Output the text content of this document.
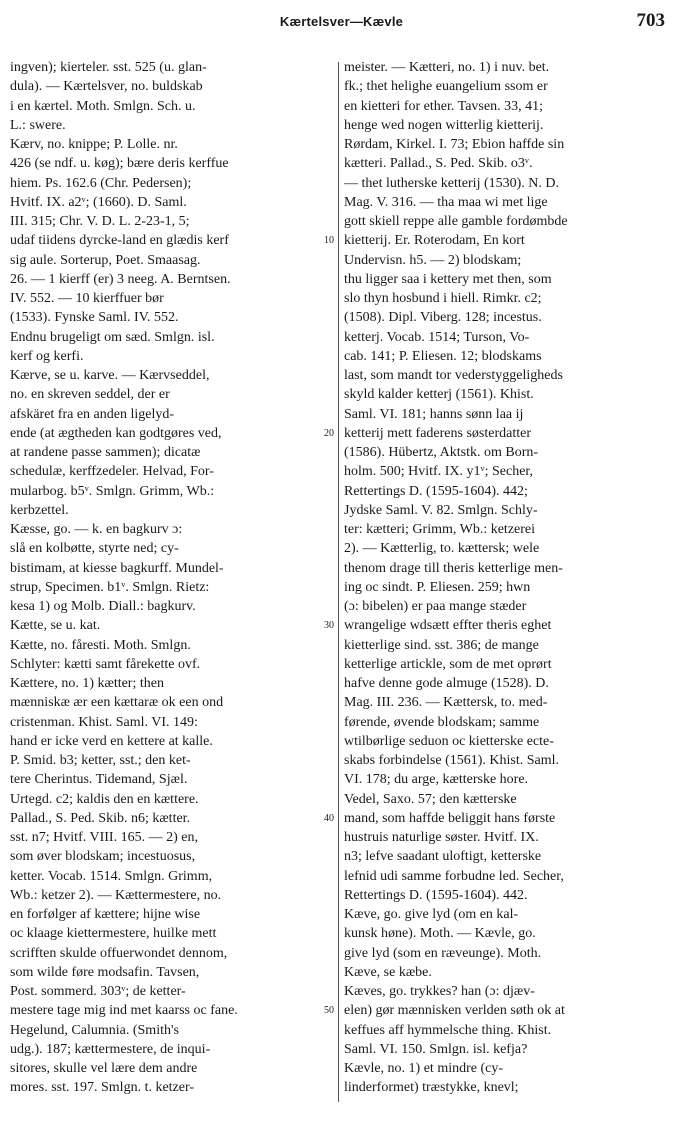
Kærtelsver—Kævle	703
ingven); kierteler. sst. 525 (u. glan-
dula). — Kærtelsver, no. buldskab
i en kærtel. Moth. Smlgn. Sch. u.
L.: swere.
Kærv, no. knippe; P. Lolle. nr.
426 (se ndf. u. køg); bære deris kerffue
hiem. Ps. 162.6 (Chr. Pedersen);
Hvitf. IX. a2ᵛ; (1660). D. Saml.
III. 315; Chr. V. D. L. 2-23-1, 5;
udaf tiidens dyrcke-land en glædis kerf
sig aule. Sorterup, Poet. Smaasag.
26. — 1 kierff (er) 3 neeg. A. Berntsen.
IV. 552. — 10 kierffuer bør
(1533). Fynske Saml. IV. 552.
Endnu brugeligt om sæd. Smlgn. isl.
kerf og kerfi.
Kærve, se u. karve. — Kærvseddel,
no. en skreven seddel, der er
afskäret fra en anden ligelyd-
ende (at ægtheden kan godtgøres ved,
at randene passe sammen); dicatæ
schedulæ, kerffzedeler. Helvad, For-
mularbog. b5ᵛ. Smlgn. Grimm, Wb.:
kerbzettel.
Kæsse, go. — k. en bagkurv ɔ:
slå en kolbøtte, styrte ned; cy-
bistimam, at kiesse bagkurff. Mundel-
strup, Specimen. b1ᵛ. Smlgn. Rietz:
kesa 1) og Molb. Diall.: bagkurv.
Kætte, se u. kat.
Kætte, no. fåresti. Moth. Smlgn.
Schlyter: kætti samt fårekette ovf.
Kættere, no. 1) kætter; then
mænniskæ ær een kættaræ ok een ond
cristenman. Khist. Saml. VI. 149:
hand er icke verd en kettere at kalle.
P. Smid. b3; ketter, sst.; den ket-
tere Cherintus. Tidemand, Sjæl.
Urtegd. c2; kaldis den en kættere.
Pallad., S. Ped. Skib. n6; kætter.
sst. n7; Hvitf. VIII. 165. — 2) en,
som øver blodskam; incestuosus,
ketter. Vocab. 1514. Smlgn. Grimm,
Wb.: ketzer 2). — Kættermestere, no.
en forfølger af kættere; hijne wise
oc klaage kiettermestere, huilke mett
scrifften skulde offuerwondet dennom,
som wilde føre modsafin. Tavsen,
Post. sommerd. 303ᵛ; de ketter-
mestere tage mig ind met kaarss oc fane.
Hegelund, Calumnia. (Smith's
udg.). 187; kættermestere, de inqui-
sitores, skulle vel lære dem andre
mores. sst. 197. Smlgn. t. ketzer-
10
20
30
40
50
meister. — Kætteri, no. 1) i nuv. bet.
fk.; thet helighe euangelium ssom er
en kietteri for ether. Tavsen. 33, 41;
henge wed nogen witterlig kietterij.
Rørdam, Kirkel. I. 73; Ebion haffde sin
kætteri. Pallad., S. Ped. Skib. o3ᵛ.
— thet lutherske ketterij (1530). N. D.
Mag. V. 316. — tha maa wi met lige
gott skiell reppe alle gamble fordømbde
kietterij. Er. Roterodam, En kort
Undervisn. h5. — 2) blodskam;
thu ligger saa i kettery met then, som
slo thyn hosbund i hiell. Rimkr. c2;
(1508). Dipl. Viberg. 128; incestus.
ketterj. Vocab. 1514; Turson, Vo-
cab. 141; P. Eliesen. 12; blodskams
last, som mandt tor vederstyggeligheds
skyld kalder ketterj (1561). Khist.
Saml. VI. 181; hanns sønn laa ij
ketterij mett faderens søsterdatter
(1586). Hübertz, Aktstk. om Born-
holm. 500; Hvitf. IX. y1ᵛ; Secher,
Rettertings D. (1595-1604). 442;
Jydske Saml. V. 82. Smlgn. Schly-
ter: kætteri; Grimm, Wb.: ketzerei
2). — Kætterlig, to. kættersk; wele
thenom drage till theris ketterlige men-
ing oc sindt. P. Eliesen. 259; hwn
(ɔ: bibelen) er paa mange stæder
wrangelige wdsætt effter theris eghet
kietterlige sind. sst. 386; de mange
ketterlige artickle, som de met oprørt
hafve denne gode almuge (1528). D.
Mag. III. 236. — Kættersk, to. med-
førende, øvende blodskam; samme
wtilbørlige seduon oc kietterske ecte-
skabs forbindelse (1561). Khist. Saml.
VI. 178; du arge, kætterske hore.
Vedel, Saxo. 57; den kætterske
mand, som haffde beliggit hans første
hustruis naturlige søster. Hvitf. IX.
n3; lefve saadant uloftigt, ketterske
lefnid udi samme forbudne led. Secher,
Rettertings D. (1595-1604). 442.
Kæve, go. give lyd (om en kal-
kunsk høne). Moth. — Kævle, go.
give lyd (som en ræveunge). Moth.
Kæve, se kæbe.
Kæves, go. trykkes? han (ɔ: djæv-
elen) gør mænnisken verlden søth ok at
keffues aff hymmelsche thing. Khist.
Saml. VI. 150. Smlgn. isl. kefja?
Kævle, no. 1) et mindre (cy-
linderformet) træstykke, knevl;
